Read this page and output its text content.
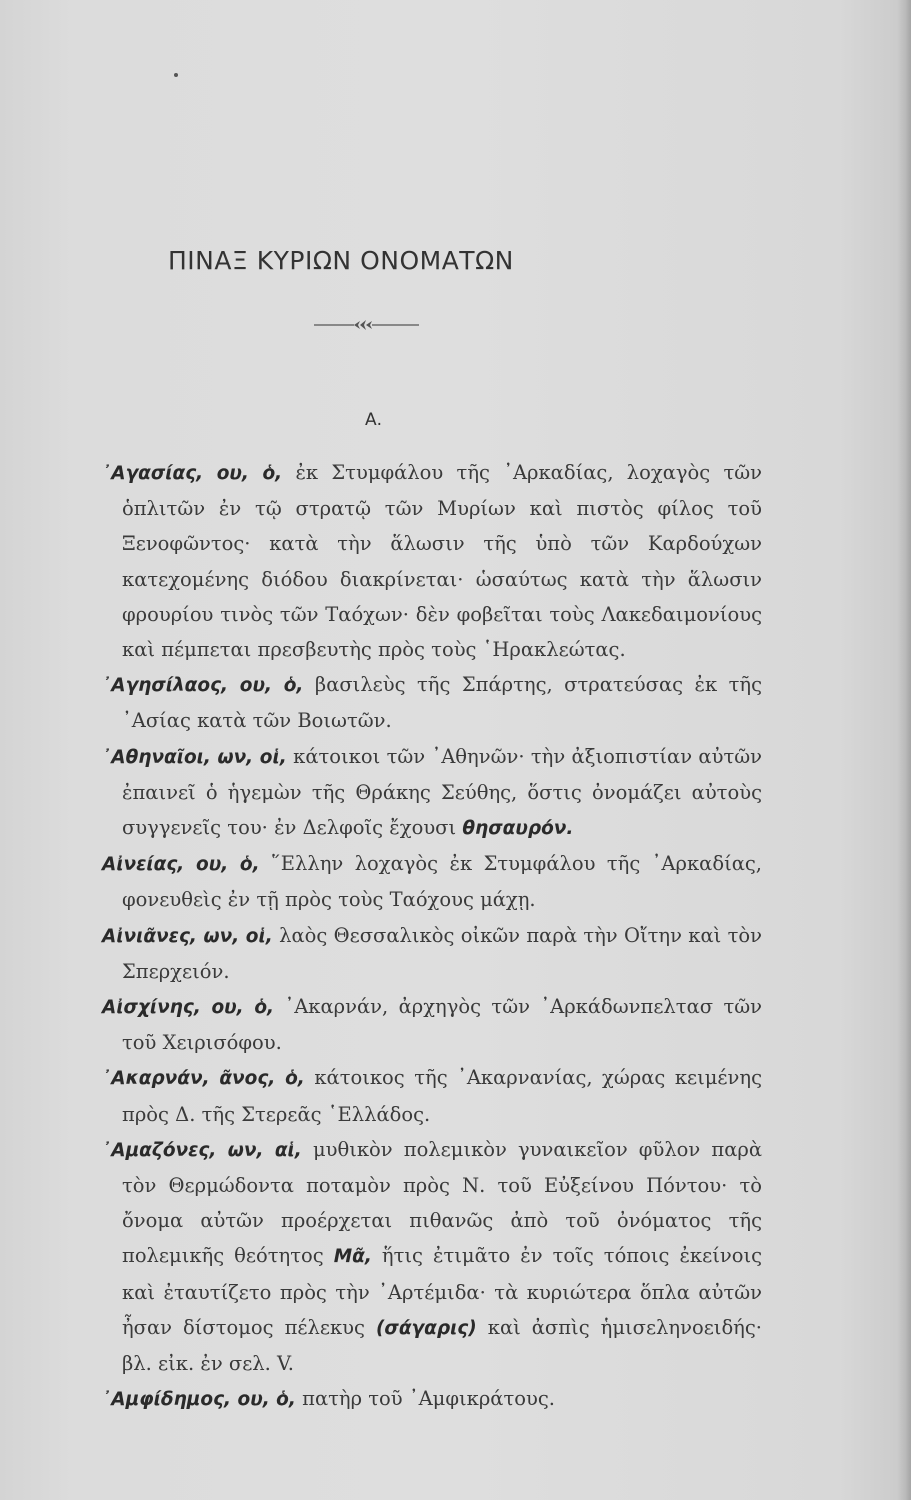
ΠΙΝΑΞ ΚΥΡΙΩΝ ΟΝΟΜΑΤΩΝ
Α.

᾿Αγασίας, ου, ὁ, ἐκ Στυμφάλου τῆς ᾿Αρκαδίας, λοχαγὸς τῶν ὁπλιτῶν ἐν τῷ στρατῷ τῶν Μυρίων καὶ πιστὸς φίλος τοῦ Ξενοφῶντος· κατὰ τὴν ἅλωσιν τῆς ὑπὸ τῶν Καρδούχων κατεχομένης διόδου διακρίνεται· ὡσαύτως κατὰ τὴν ἅλωσιν φρουρίου τινὸς τῶν Ταόχων· δὲν φοβεῖται τοὺς Λακεδαιμονίους καὶ πέμπεται πρεσβευτὴς πρὸς τοὺς ῾Ηρακλεώτας.

᾿Αγησίλαος, ου, ὁ, βασιλεὺς τῆς Σπάρτης, στρατεύσας ἐκ τῆς ᾿Ασίας κατὰ τῶν Βοιωτῶν.

᾿Αθηναῖοι, ων, οἱ, κάτοικοι τῶν ᾿Αθηνῶν· τὴν ἀξιοπιστίαν αὐτῶν ἐπαινεῖ ὁ ἡγεμὼν τῆς Θράκης Σεύθης, ὅστις ὀνομάζει αὐτοὺς συγγενεῖς του· ἐν Δελφοῖς ἔχουσι θησαυρόν.

Αἰνείας, ου, ὁ, ῞Ελλην λοχαγὸς ἐκ Στυμφάλου τῆς ᾿Αρκαδίας, φονευθεὶς ἐν τῇ πρὸς τοὺς Ταόχους μάχῃ.

Αἰνιᾶνες, ων, οἱ, λαὸς Θεσσαλικὸς οἰκῶν παρὰ τὴν Οἴτην καὶ τὸν Σπερχειόν.

Αἰσχίνης, ου, ὁ, ᾿Ακαρνάν, ἀρχηγὸς τῶν ᾿Αρκάδωνπελτασ τῶν τοῦ Χειρισόφου.

᾿Ακαρνάν, ᾶνος, ὁ, κάτοικος τῆς ᾿Ακαρνανίας, χώρας κειμένης πρὸς Δ. τῆς Στερεᾶς ῾Ελλάδος.

᾿Αμαζόνες, ων, αἱ, μυθικὸν πολεμικὸν γυναικεῖον φῦλον παρὰ τὸν Θερμώδοντα ποταμὸν πρὸς Ν. τοῦ Εὐξείνου Πόντου· τὸ ὄνομα αὐτῶν προέρχεται πιθανῶς ἀπὸ τοῦ ὀνόματος τῆς πολεμικῆς θεότητος Μᾶ, ἥτις ἐτιμᾶτο ἐν τοῖς τόποις ἐκείνοις καὶ ἐταυτίζετο πρὸς τὴν ᾿Αρτέμιδα· τὰ κυριώτερα ὅπλα αὐτῶν ἦσαν δίστομος πέλεκυς (σάγαρις) καὶ ἀσπὶς ἡμισεληνοειδής· βλ. εἰκ. ἐν σελ. V.

᾿Αμφίδημος, ου, ὁ, πατὴρ τοῦ ᾿Αμφικράτους.
